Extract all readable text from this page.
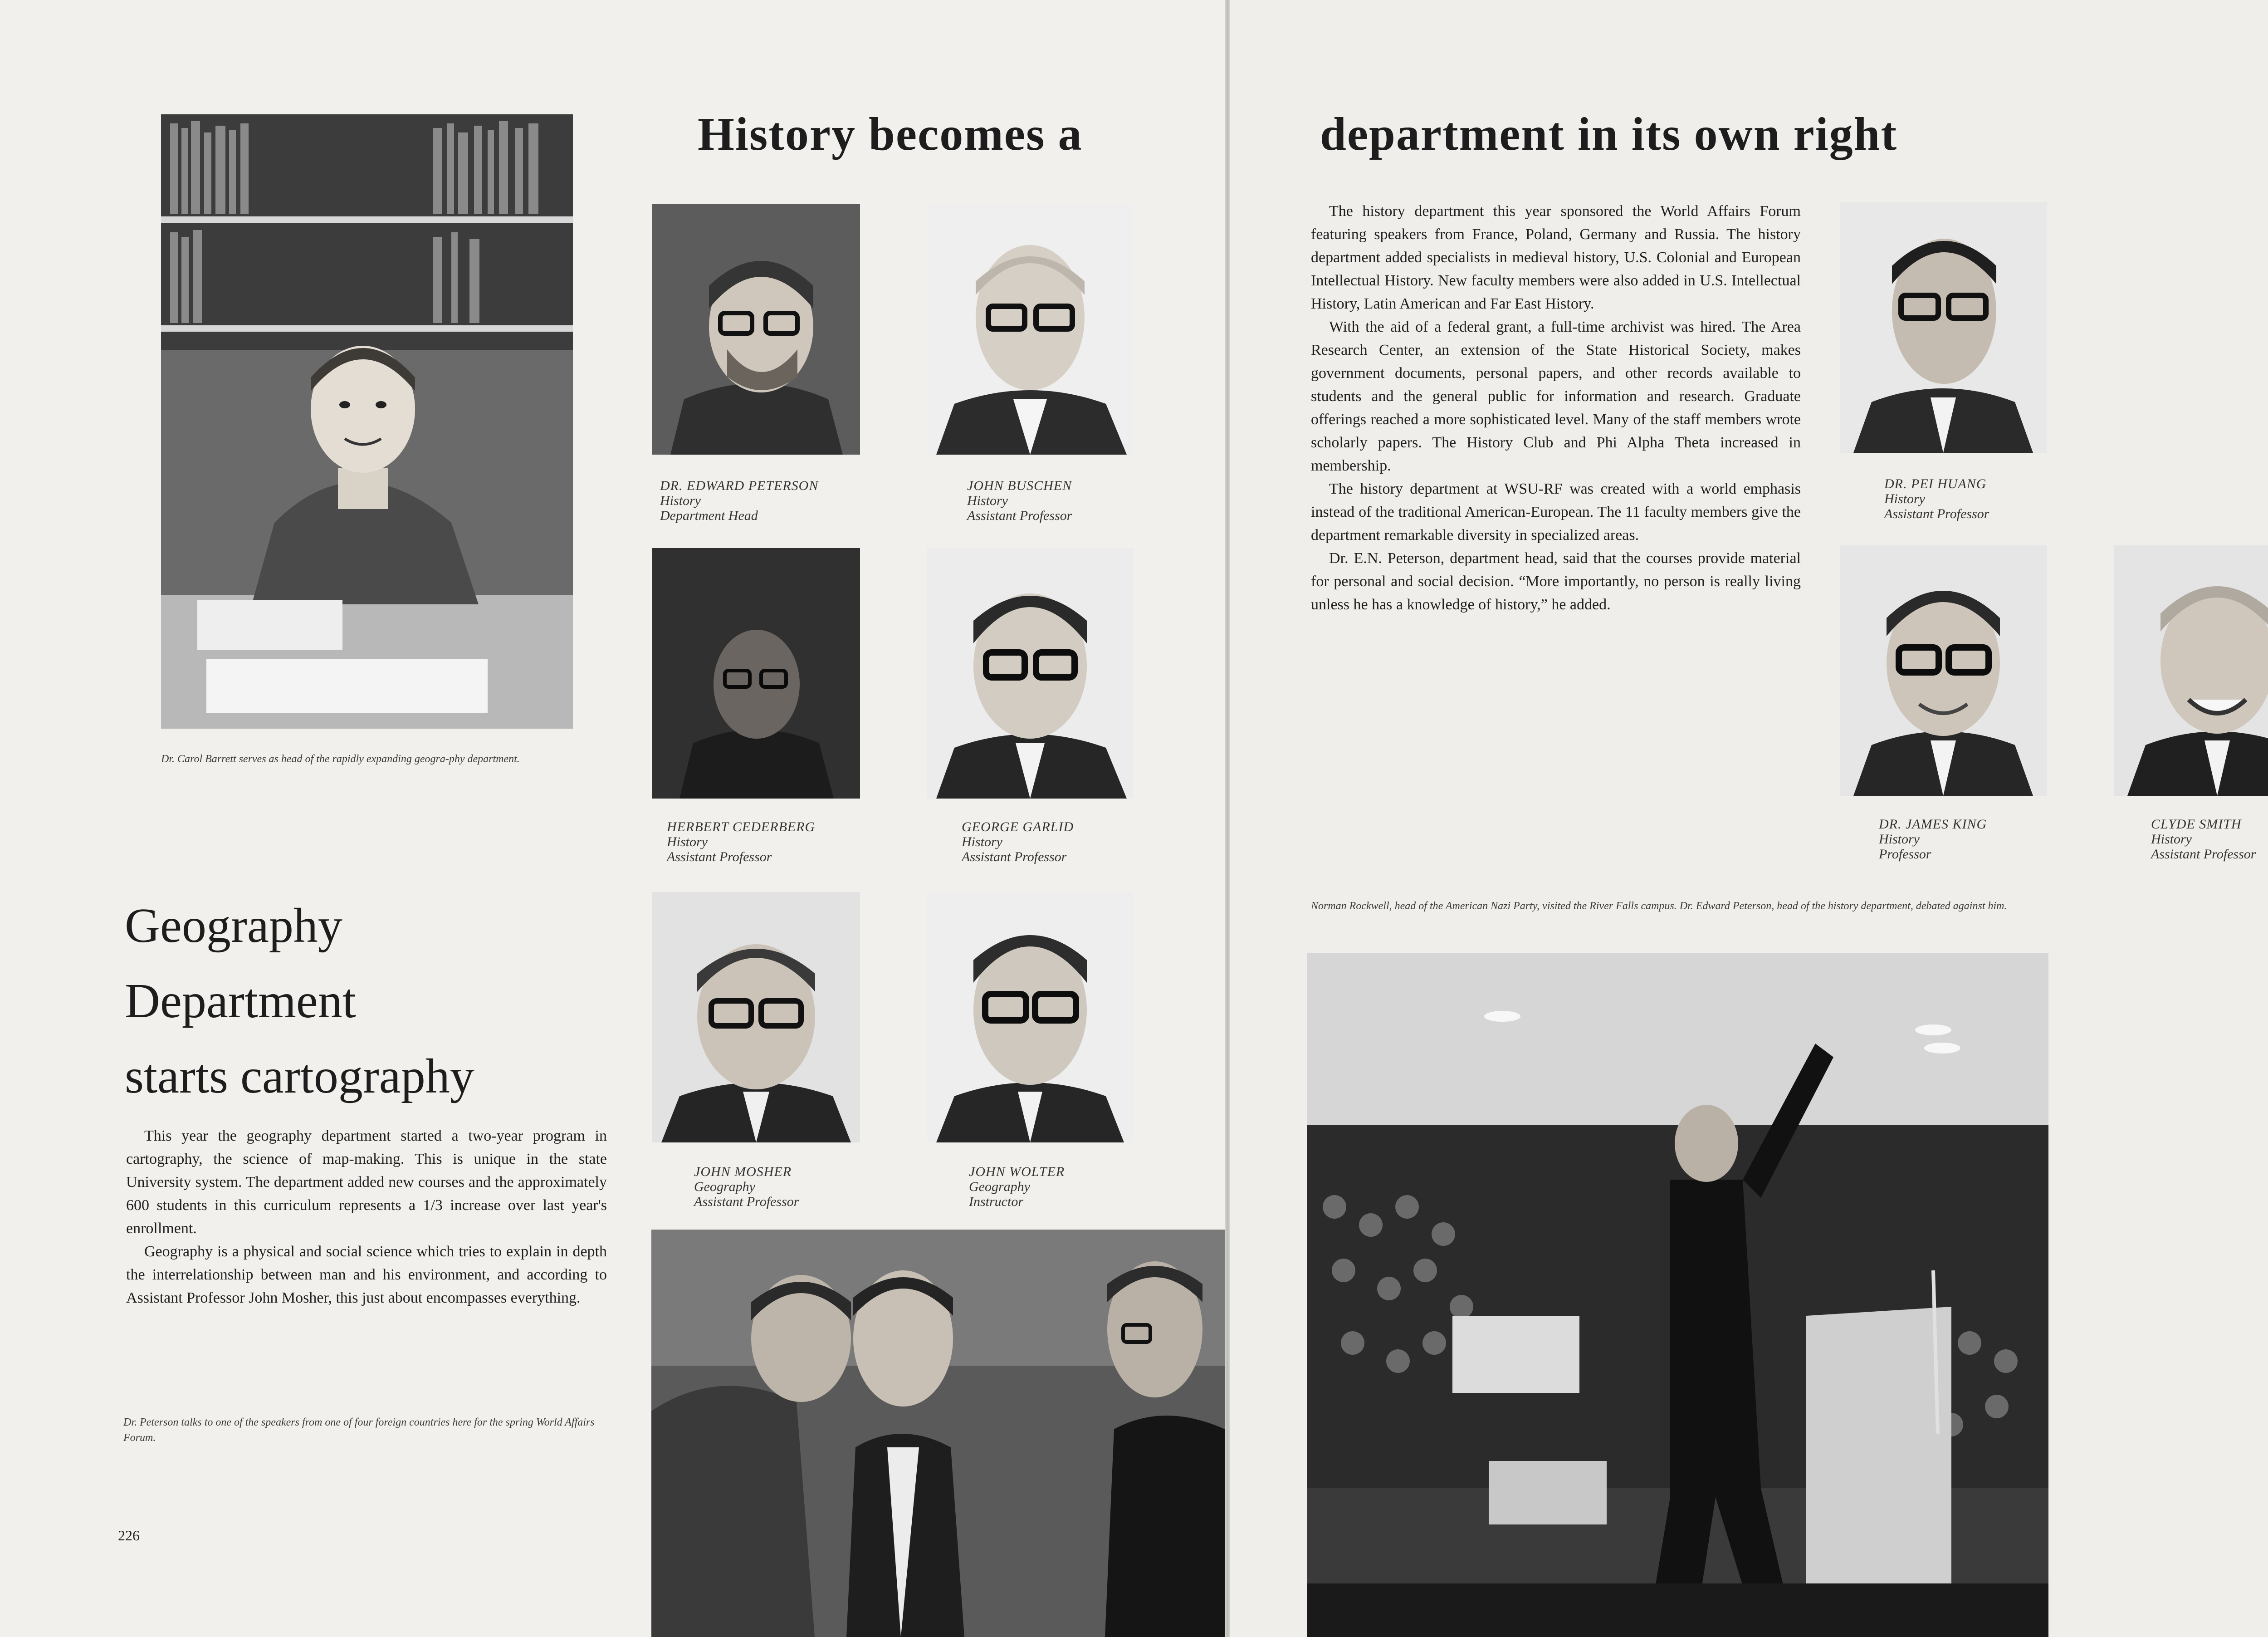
Dr. Carol Barrett serves as head of the rapidly expanding geogra-phy department.
History becomes a
DR. EDWARD PETERSON
History
Department Head
JOHN BUSCHEN
History
Assistant Professor
HERBERT CEDERBERG
History
Assistant Professor
GEORGE GARLID
History
Assistant Professor
JOHN MOSHER
Geography
Assistant Professor
JOHN WOLTER
Geography
Instructor
Geography
Department
starts cartography

This year the geography department started a two-year program in cartography, the science of map-making. This is unique in the state University system. The department added new courses and the approximately 600 students in this curriculum represents a 1/3 increase over last year's enrollment.

Geography is a physical and social science which tries to explain in depth the interrelationship between man and his environment, and according to Assistant Professor John Mosher, this just about encompasses everything.

Dr. Peterson talks to one of the speakers from one of four foreign countries here for the spring World Affairs Forum.
226
department in its own right

The history department this year sponsored the World Affairs Forum featuring speakers from France, Poland, Germany and Russia. The history department added specialists in medieval history, U.S. Colonial and European Intellectual History. New faculty members were also added in U.S. Intellectual History, Latin American and Far East History.

With the aid of a federal grant, a full-time archivist was hired. The Area Research Center, an extension of the State Historical Society, makes government documents, personal papers, and other records available to students and the general public for information and research. Graduate offerings reached a more sophisticated level. Many of the staff members wrote scholarly papers. The History Club and Phi Alpha Theta increased in membership.

The history department at WSU-RF was created with a world emphasis instead of the traditional American-European. The 11 faculty members give the department remarkable diversity in specialized areas.

Dr. E.N. Peterson, department head, said that the courses provide material for personal and social decision. “More importantly, no person is really living unless he has a knowledge of history,” he added.

DR. PEI HUANG
History
Assistant Professor
DR. JAMES KING
History
Professor
CLYDE SMITH
History
Assistant Professor
Norman Rockwell, head of the American Nazi Party, visited the River Falls campus. Dr. Edward Peterson, head of the history department, debated against him.
